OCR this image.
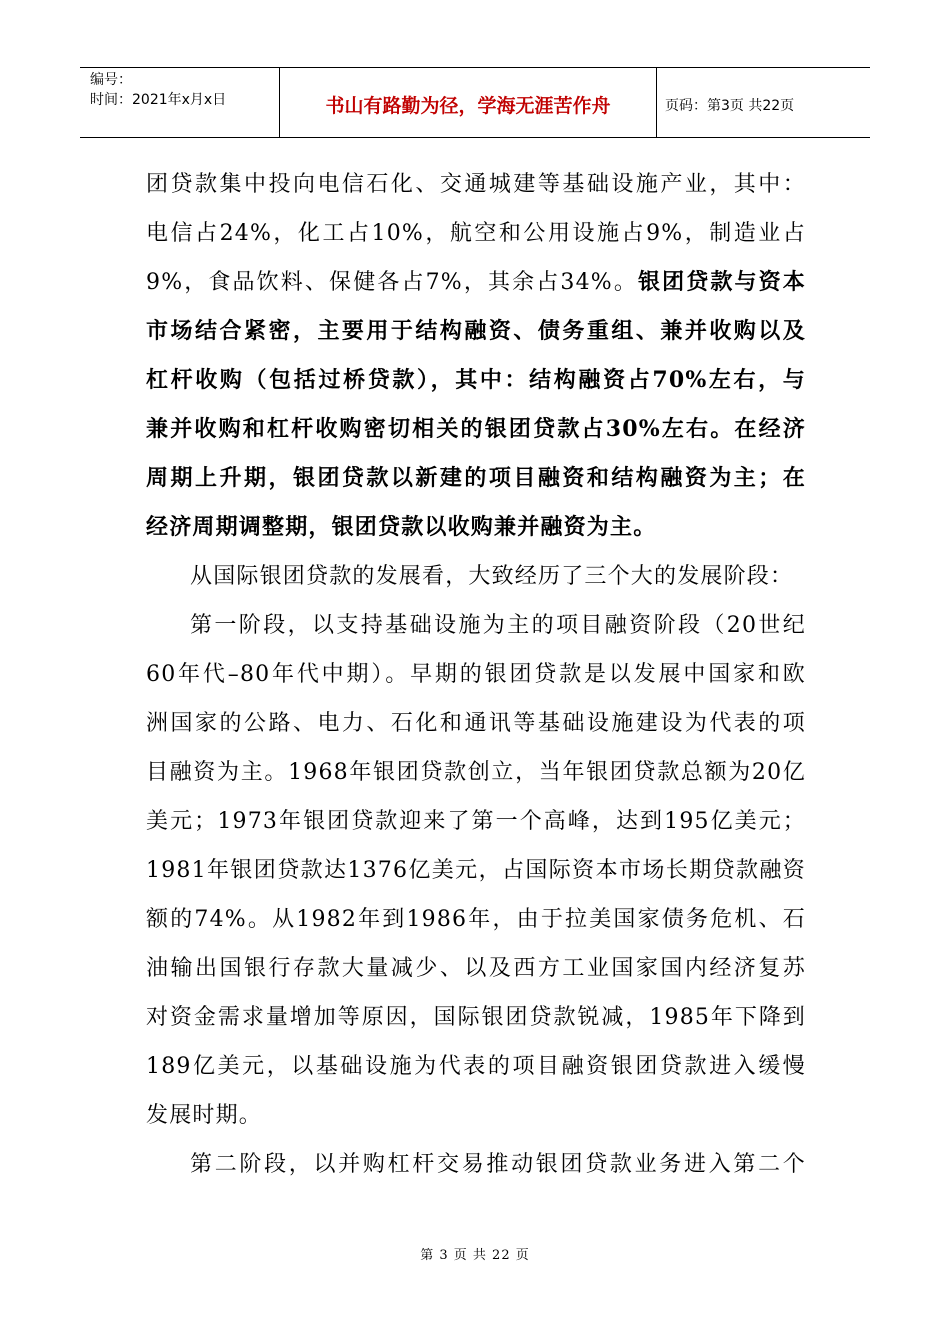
编号：
时间：2021年x月x日	书山有路勤为径，学海无涯苦作舟	页码：第3页 共22页
团贷款集中投向电信石化、交通城建等基础设施产业，其中：
电信占24%，化工占10%，航空和公用设施占9%，制造业占
9%，食品饮料、保健各占7%，其余占34%。银团贷款与资本
市场结合紧密，主要用于结构融资、债务重组、兼并收购以及
杠杆收购（包括过桥贷款），其中：结构融资占70%左右，与
兼并收购和杠杆收购密切相关的银团贷款占30%左右。在经济
周期上升期，银团贷款以新建的项目融资和结构融资为主；在
经济周期调整期，银团贷款以收购兼并融资为主。
从国际银团贷款的发展看，大致经历了三个大的发展阶段：
第一阶段，以支持基础设施为主的项目融资阶段（20世纪
60年代–80年代中期）。早期的银团贷款是以发展中国家和欧
洲国家的公路、电力、石化和通讯等基础设施建设为代表的项
目融资为主。1968年银团贷款创立，当年银团贷款总额为20亿
美元；1973年银团贷款迎来了第一个高峰，达到195亿美元；
1981年银团贷款达1376亿美元，占国际资本市场长期贷款融资
额的74%。从1982年到1986年，由于拉美国家债务危机、石
油输出国银行存款大量减少、以及西方工业国家国内经济复苏
对资金需求量增加等原因，国际银团贷款锐减，1985年下降到
189亿美元，以基础设施为代表的项目融资银团贷款进入缓慢
发展时期。
第二阶段，以并购杠杆交易推动银团贷款业务进入第二个
第 3 页 共 22 页
